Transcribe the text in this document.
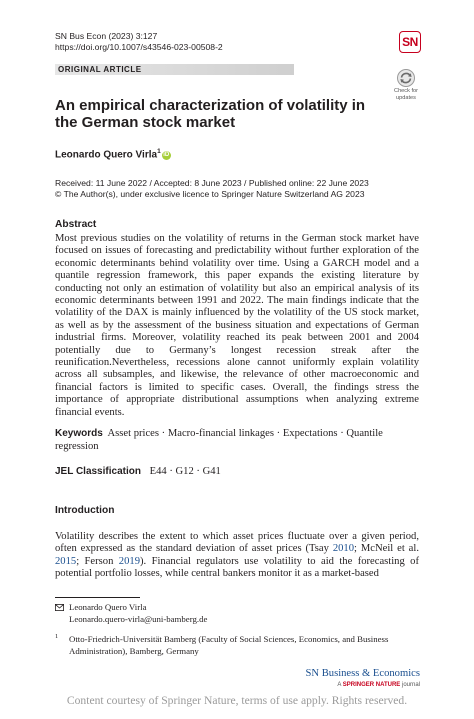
SN Bus Econ (2023) 3:127
https://doi.org/10.1007/s43546-023-00508-2	SN
ORIGINAL ARTICLE
Check for
updates
An empirical characterization of volatility in the German stock market
Leonardo Quero Virla$^1$iD
Received: 11 June 2022 / Accepted: 8 June 2023 / Published online: 22 June 2023
© The Author(s), under exclusive licence to Springer Nature Switzerland AG 2023
Abstract
Most previous studies on the volatility of returns in the German stock market have focused on issues of forecasting and predictability without further exploration of the economic determinants behind volatility over time. Using a GARCH model and a quantile regression framework, this paper expands the existing literature by conducting not only an estimation of volatility but also an empirical analysis of its economic determinants between 1991 and 2022. The main findings indicate that the volatility of the DAX is mainly influenced by the volatility of the US stock market, as well as by the assessment of the business situation and expectations of German industrial firms. Moreover, volatility reached its peak between 2001 and 2004 potentially due to Germany’s longest recession streak after the reunification.Nevertheless, recessions alone cannot uniformly explain volatility across all subsamples, and likewise, the relevance of other macroeconomic and financial factors is limited to specific cases. Overall, the findings stress the importance of appropriate distributional assumptions when analyzing extreme financial events.
Keywords Asset prices · Macro-financial linkages · Expectations · Quantile regression
JEL Classification E44 · G12 · G41
Introduction
Volatility describes the extent to which asset prices fluctuate over a given period, often expressed as the standard deviation of asset prices (Tsay 2010; McNeil et al. 2015; Ferson 2019). Financial regulators use volatility to aid the forecasting of potential portfolio losses, while central bankers monitor it as a market-based
Leonardo Quero Virla
Leonardo.quero-virla@uni-bamberg.de
1 Otto-Friedrich-Universität Bamberg (Faculty of Social Sciences, Economics, and Business Administration), Bamberg, Germany
SN Business & Economics
A SPRINGER NATURE journal
Content courtesy of Springer Nature, terms of use apply. Rights reserved.
